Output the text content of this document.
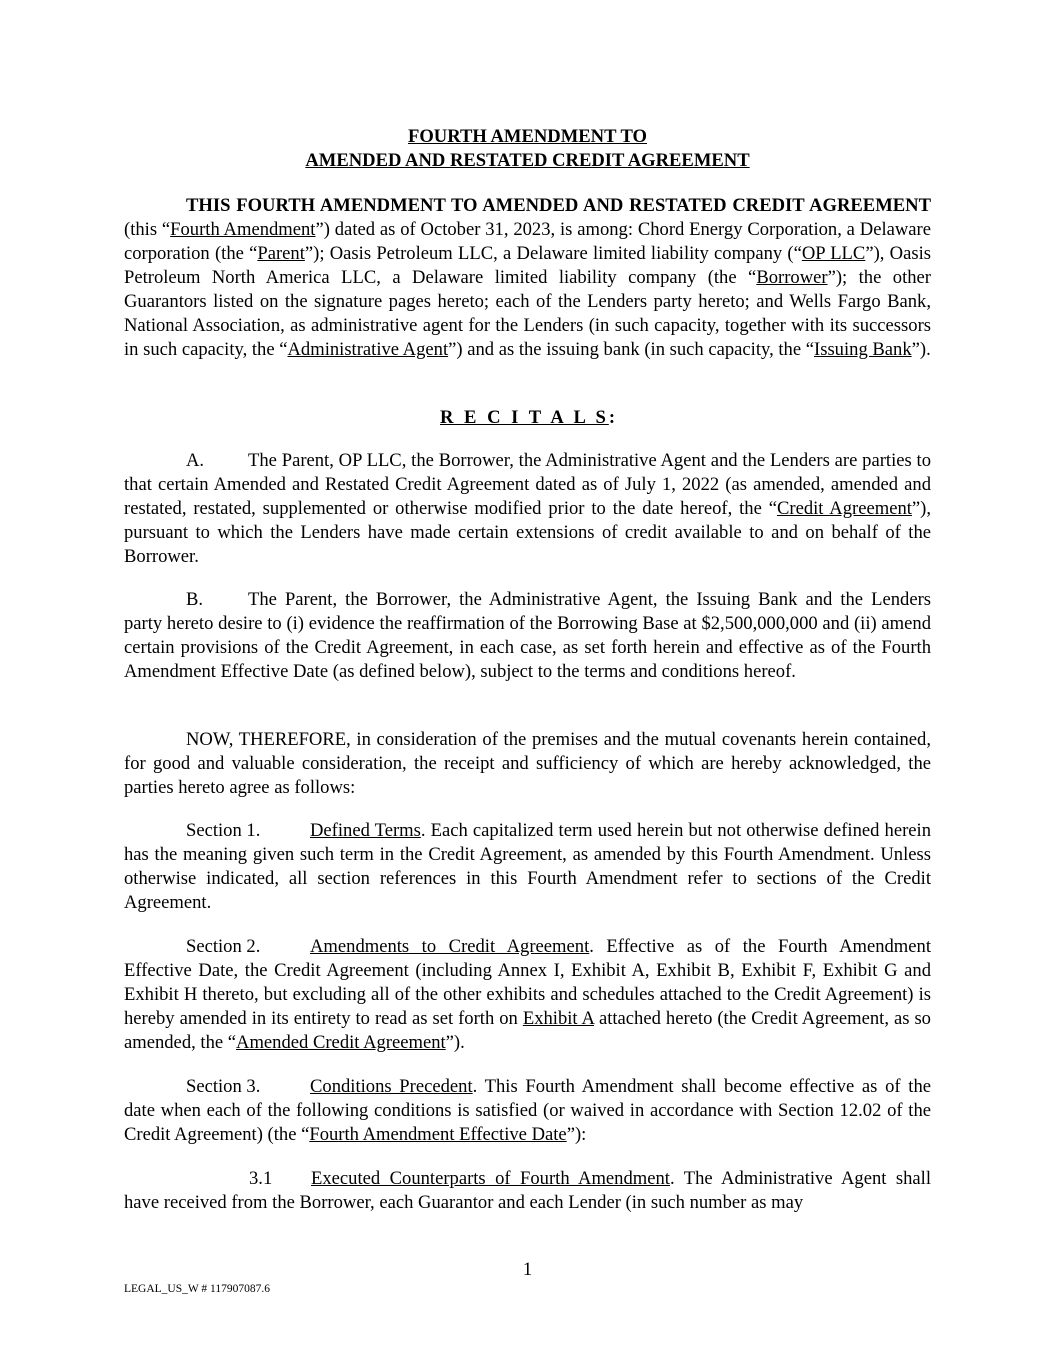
FOURTH AMENDMENT TO
AMENDED AND RESTATED CREDIT AGREEMENT

THIS FOURTH AMENDMENT TO AMENDED AND RESTATED CREDIT AGREEMENT (this “Fourth Amendment”) dated as of October 31, 2023, is among: Chord Energy Corporation, a Delaware corporation (the “Parent”); Oasis Petroleum LLC, a Delaware limited liability company (“OP LLC”), Oasis Petroleum North America LLC, a Delaware limited liability company (the “Borrower”); the other Guarantors listed on the signature pages hereto; each of the Lenders party hereto; and Wells Fargo Bank, National Association, as administrative agent for the Lenders (in such capacity, together with its successors in such capacity, the “Administrative Agent”) and as the issuing bank (in such capacity, the “Issuing Bank”).

R E C I T A L S:

A. The Parent, OP LLC, the Borrower, the Administrative Agent and the Lenders are parties to that certain Amended and Restated Credit Agreement dated as of July 1, 2022 (as amended, amended and restated, restated, supplemented or otherwise modified prior to the date hereof, the “Credit Agreement”), pursuant to which the Lenders have made certain extensions of credit available to and on behalf of the Borrower.

B. The Parent, the Borrower, the Administrative Agent, the Issuing Bank and the Lenders party hereto desire to (i) evidence the reaffirmation of the Borrowing Base at $2,500,000,000 and (ii) amend certain provisions of the Credit Agreement, in each case, as set forth herein and effective as of the Fourth Amendment Effective Date (as defined below), subject to the terms and conditions hereof.

NOW, THEREFORE, in consideration of the premises and the mutual covenants herein contained, for good and valuable consideration, the receipt and sufficiency of which are hereby acknowledged, the parties hereto agree as follows:

Section 1.	Defined Terms. Each capitalized term used herein but not otherwise defined herein has the meaning given such term in the Credit Agreement, as amended by this Fourth Amendment. Unless otherwise indicated, all section references in this Fourth Amendment refer to sections of the Credit Agreement.

Section 2.	Amendments to Credit Agreement. Effective as of the Fourth Amendment Effective Date, the Credit Agreement (including Annex I, Exhibit A, Exhibit B, Exhibit F, Exhibit G and Exhibit H thereto, but excluding all of the other exhibits and schedules attached to the Credit Agreement) is hereby amended in its entirety to read as set forth on Exhibit A attached hereto (the Credit Agreement, as so amended, the “Amended Credit Agreement”).

Section 3.	Conditions Precedent. This Fourth Amendment shall become effective as of the date when each of the following conditions is satisfied (or waived in accordance with Section 12.02 of the Credit Agreement) (the “Fourth Amendment Effective Date”):

3.1 Executed Counterparts of Fourth Amendment. The Administrative Agent shall have received from the Borrower, each Guarantor and each Lender (in such number as may

1
LEGAL_US_W # 117907087.6
